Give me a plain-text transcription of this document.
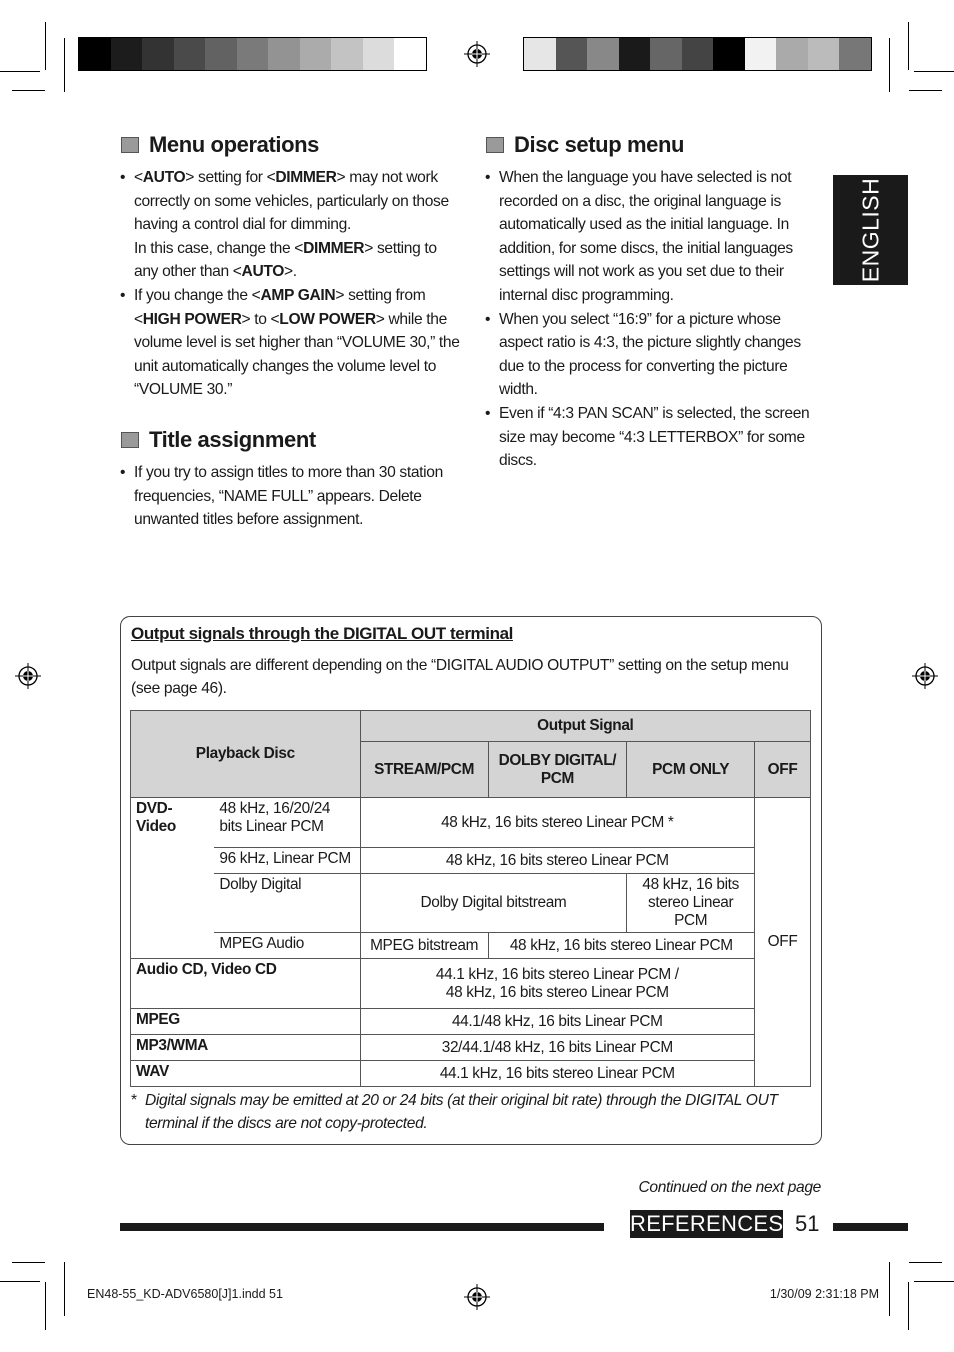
Menu operations
• <AUTO> setting for <DIMMER> may not work correctly on some vehicles, particularly on those having a control dial for dimming.
In this case, change the <DIMMER> setting to any other than <AUTO>.
• If you change the <AMP GAIN> setting from <HIGH POWER> to <LOW POWER> while the volume level is set higher than “VOLUME 30,” the unit automatically changes the volume level to “VOLUME 30.”
Title assignment
• If you try to assign titles to more than 30 station frequencies, “NAME FULL” appears. Delete unwanted titles before assignment.
Disc setup menu
• When the language you have selected is not recorded on a disc, the original language is automatically used as the initial language. In addition, for some discs, the initial languages settings will not work as you set due to their internal disc programming.
• When you select “16:9” for a picture whose aspect ratio is 4:3, the picture slightly changes due to the process for converting the picture width.
• Even if “4:3 PAN SCAN” is selected, the screen size may become “4:3 LETTERBOX” for some discs.
ENGLISH
Output signals through the DIGITAL OUT terminal
Output signals are different depending on the “DIGITAL AUDIO OUTPUT” setting on the setup menu (see page 46).
Playback Disc		Output Signal			
		STREAM/PCM	DOLBY DIGITAL/ PCM	PCM ONLY	OFF
DVD-Video	48 kHz, 16/20/24 bits Linear PCM	48 kHz, 16 bits stereo Linear PCM *			OFF
	96 kHz, Linear PCM	48 kHz, 16 bits stereo Linear PCM			
	Dolby Digital	Dolby Digital bitstream		48 kHz, 16 bits stereo Linear PCM	
	MPEG Audio	MPEG bitstream	48 kHz, 16 bits stereo Linear PCM		
Audio CD, Video CD		44.1 kHz, 16 bits stereo Linear PCM /
48 kHz, 16 bits stereo Linear PCM			
MPEG		44.1/48 kHz, 16 bits Linear PCM			
MP3/WMA		32/44.1/48 kHz, 16 bits Linear PCM			
WAV		44.1 kHz, 16 bits stereo Linear PCM			
* Digital signals may be emitted at 20 or 24 bits (at their original bit rate) through the DIGITAL OUT terminal if the discs are not copy-protected.

Continued on the next page
REFERENCES 51
EN48-55_KD-ADV6580[J]1.indd 51	1/30/09 2:31:18 PM
